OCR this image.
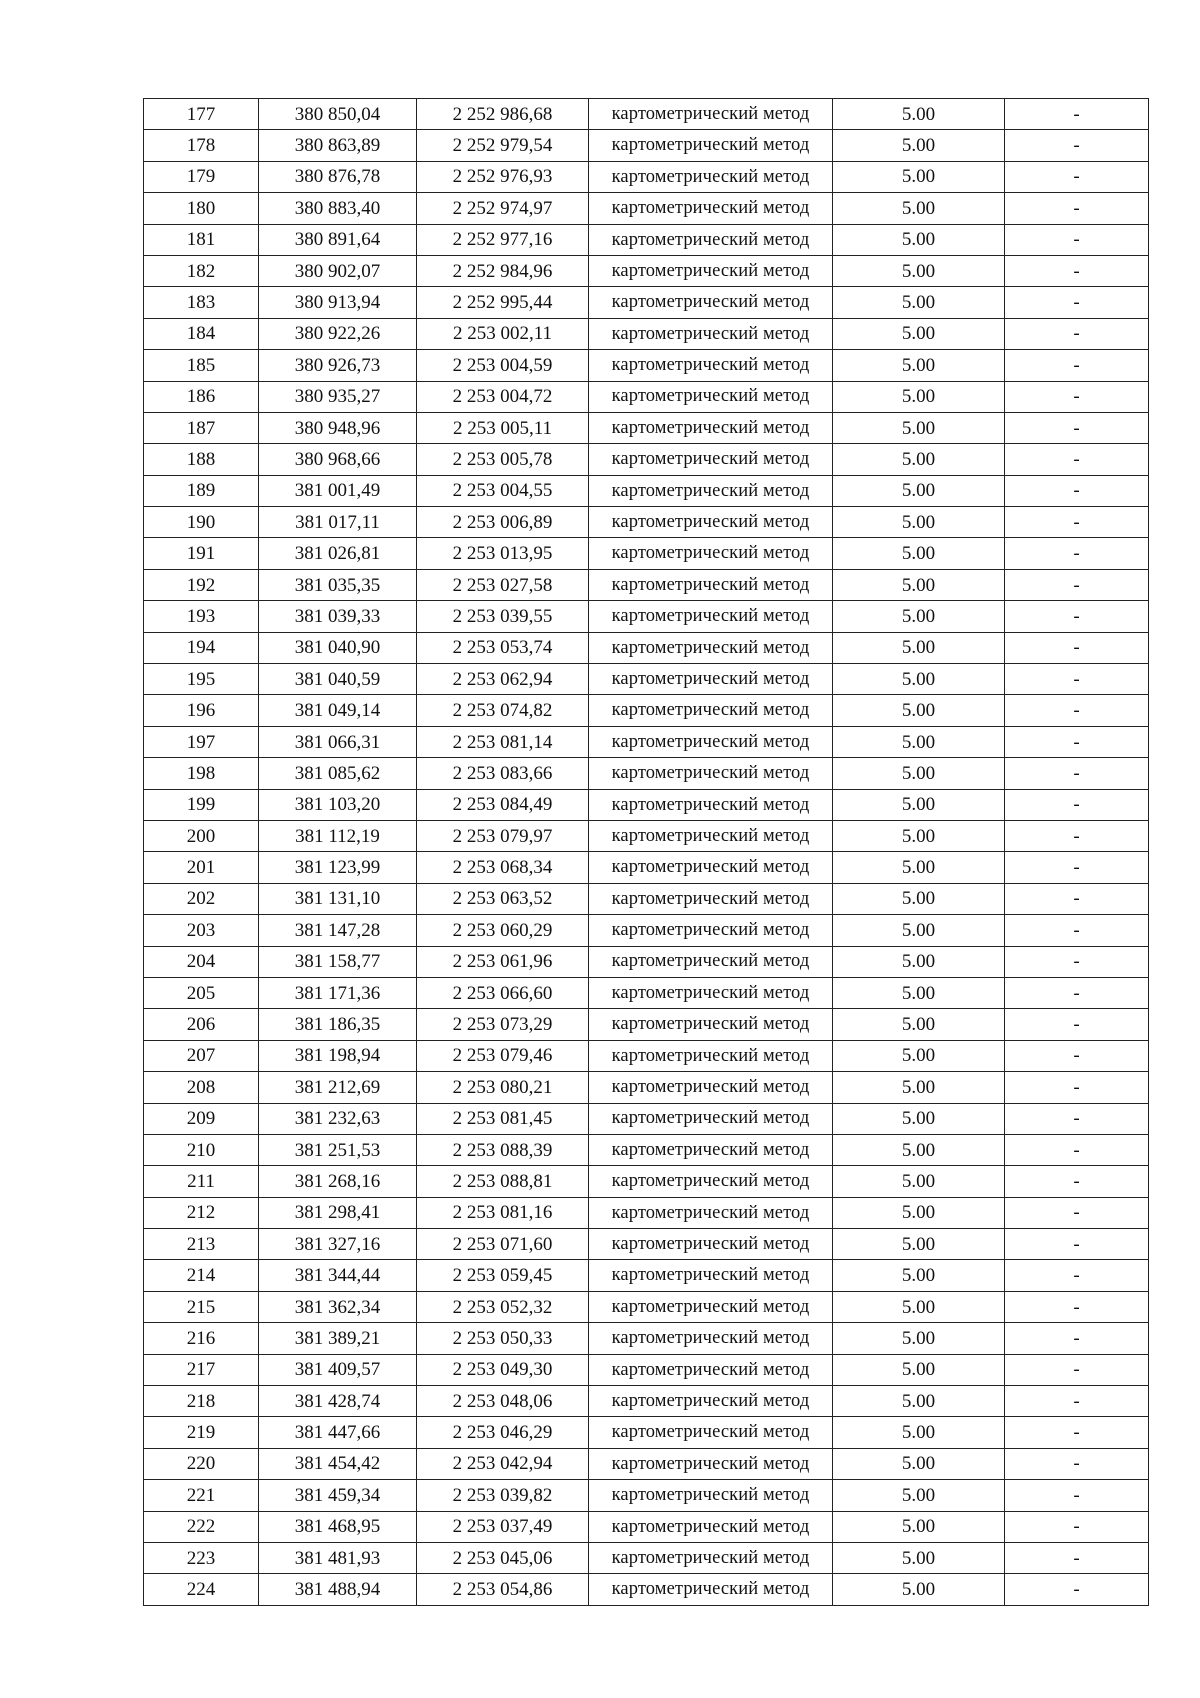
177	380 850,04	2 252 986,68	картометрический метод	5.00	-
178	380 863,89	2 252 979,54	картометрический метод	5.00	-
179	380 876,78	2 252 976,93	картометрический метод	5.00	-
180	380 883,40	2 252 974,97	картометрический метод	5.00	-
181	380 891,64	2 252 977,16	картометрический метод	5.00	-
182	380 902,07	2 252 984,96	картометрический метод	5.00	-
183	380 913,94	2 252 995,44	картометрический метод	5.00	-
184	380 922,26	2 253 002,11	картометрический метод	5.00	-
185	380 926,73	2 253 004,59	картометрический метод	5.00	-
186	380 935,27	2 253 004,72	картометрический метод	5.00	-
187	380 948,96	2 253 005,11	картометрический метод	5.00	-
188	380 968,66	2 253 005,78	картометрический метод	5.00	-
189	381 001,49	2 253 004,55	картометрический метод	5.00	-
190	381 017,11	2 253 006,89	картометрический метод	5.00	-
191	381 026,81	2 253 013,95	картометрический метод	5.00	-
192	381 035,35	2 253 027,58	картометрический метод	5.00	-
193	381 039,33	2 253 039,55	картометрический метод	5.00	-
194	381 040,90	2 253 053,74	картометрический метод	5.00	-
195	381 040,59	2 253 062,94	картометрический метод	5.00	-
196	381 049,14	2 253 074,82	картометрический метод	5.00	-
197	381 066,31	2 253 081,14	картометрический метод	5.00	-
198	381 085,62	2 253 083,66	картометрический метод	5.00	-
199	381 103,20	2 253 084,49	картометрический метод	5.00	-
200	381 112,19	2 253 079,97	картометрический метод	5.00	-
201	381 123,99	2 253 068,34	картометрический метод	5.00	-
202	381 131,10	2 253 063,52	картометрический метод	5.00	-
203	381 147,28	2 253 060,29	картометрический метод	5.00	-
204	381 158,77	2 253 061,96	картометрический метод	5.00	-
205	381 171,36	2 253 066,60	картометрический метод	5.00	-
206	381 186,35	2 253 073,29	картометрический метод	5.00	-
207	381 198,94	2 253 079,46	картометрический метод	5.00	-
208	381 212,69	2 253 080,21	картометрический метод	5.00	-
209	381 232,63	2 253 081,45	картометрический метод	5.00	-
210	381 251,53	2 253 088,39	картометрический метод	5.00	-
211	381 268,16	2 253 088,81	картометрический метод	5.00	-
212	381 298,41	2 253 081,16	картометрический метод	5.00	-
213	381 327,16	2 253 071,60	картометрический метод	5.00	-
214	381 344,44	2 253 059,45	картометрический метод	5.00	-
215	381 362,34	2 253 052,32	картометрический метод	5.00	-
216	381 389,21	2 253 050,33	картометрический метод	5.00	-
217	381 409,57	2 253 049,30	картометрический метод	5.00	-
218	381 428,74	2 253 048,06	картометрический метод	5.00	-
219	381 447,66	2 253 046,29	картометрический метод	5.00	-
220	381 454,42	2 253 042,94	картометрический метод	5.00	-
221	381 459,34	2 253 039,82	картометрический метод	5.00	-
222	381 468,95	2 253 037,49	картометрический метод	5.00	-
223	381 481,93	2 253 045,06	картометрический метод	5.00	-
224	381 488,94	2 253 054,86	картометрический метод	5.00	-
